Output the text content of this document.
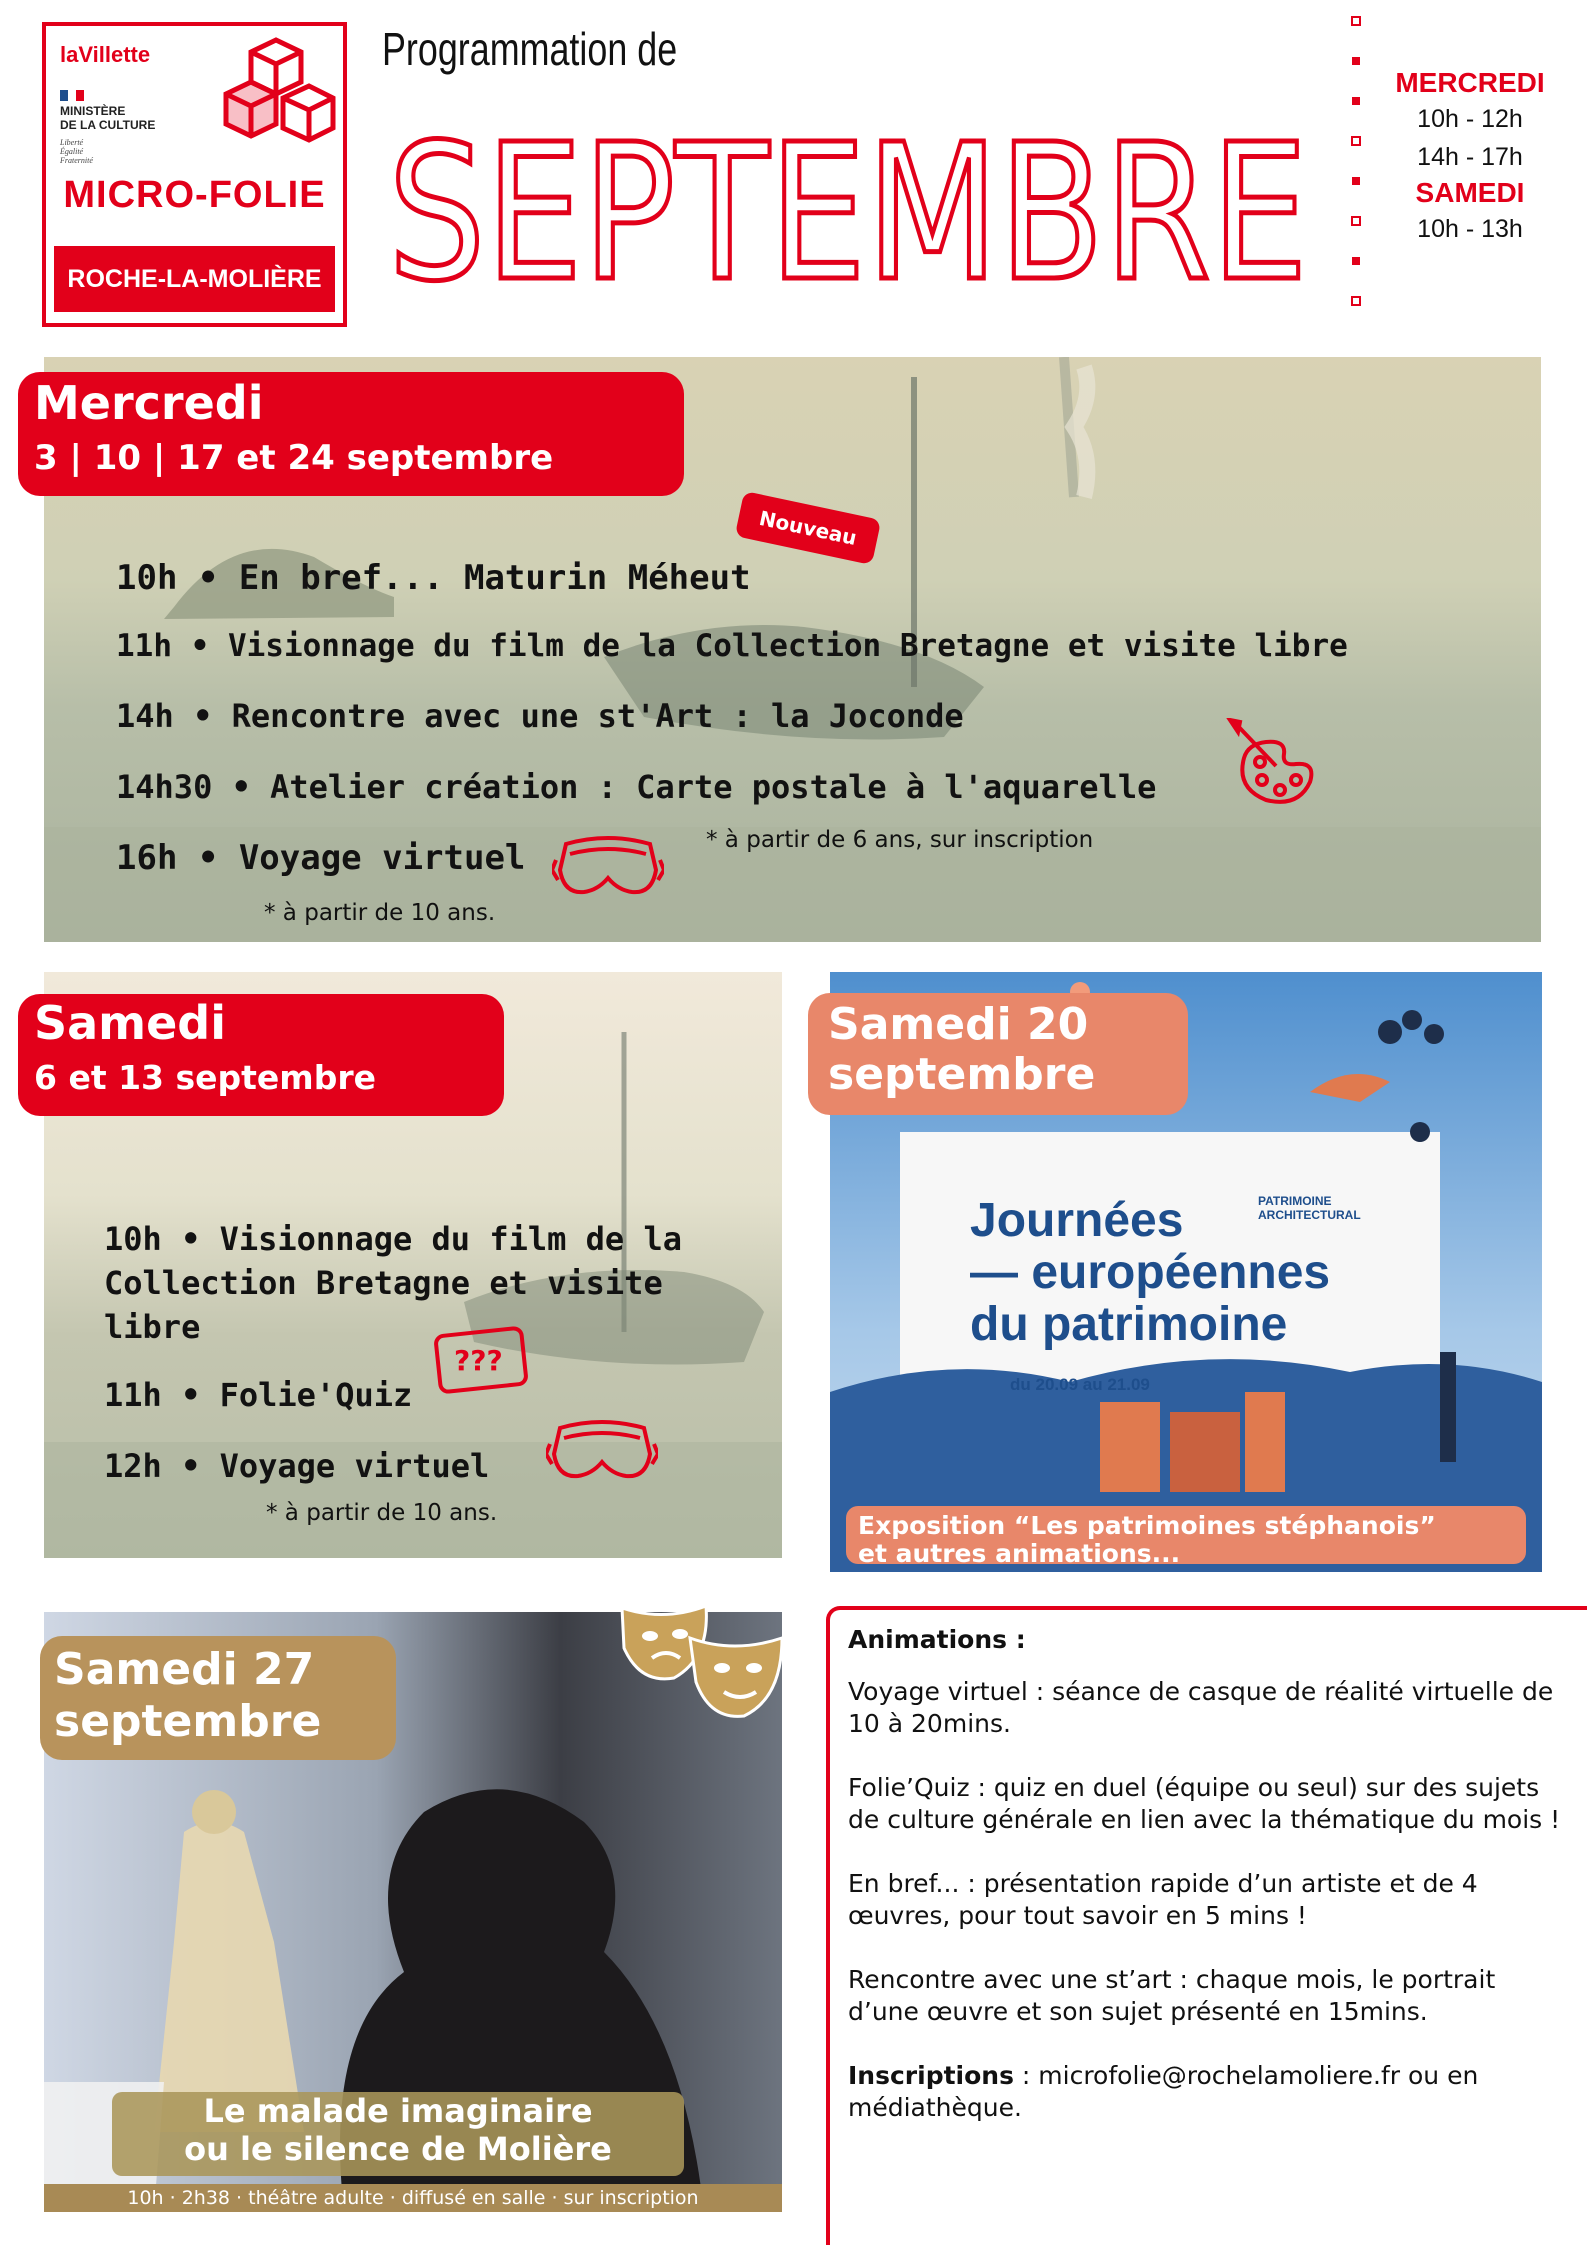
laVillette
MINISTÈRE
DE LA CULTURE
Liberté
Égalité
Fraternité
MICRO-FOLIE
ROCHE-LA-MOLIÈRE
Programmation de
SEPTEMBRE
MERCREDI
10h - 12h
14h - 17h
SAMEDI
10h - 13h
Mercredi
3 | 10 | 17 et 24 septembre
Nouveau
10h • En bref... Maturin Méheut
11h • Visionnage du film de la Collection Bretagne et visite libre
14h • Rencontre avec une st'Art : la Joconde
14h30 • Atelier création : Carte postale à l'aquarelle
* à partir de 6 ans, sur inscription
16h • Voyage virtuel
* à partir de 10 ans.
Samedi
6 et 13 septembre
10h • Visionnage du film de la
Collection Bretagne et visite
libre
11h • Folie'Quiz
12h • Voyage virtuel
* à partir de 10 ans.
???
PATRIMOINE
ARCHITECTURAL
Journées
— européennes
du patrimoine
du 20.09 au 21.09
Exposition “Les patrimoines stéphanois”
et autres animations...
Samedi 20
septembre
Samedi 27
septembre
Le malade imaginaire
ou le silence de Molière
10h · 2h38 · théâtre adulte · diffusé en salle · sur inscription

Animations :

Voyage virtuel : séance de casque de réalité virtuelle de 10 à 20mins.

Folie’Quiz : quiz en duel (équipe ou seul) sur des sujets de culture générale en lien avec la thématique du mois !

En bref... : présentation rapide d’un artiste et de 4 œuvres, pour tout savoir en 5 mins !

Rencontre avec une st’art : chaque mois, le portrait d’une œuvre et son sujet présenté en 15mins.

Inscriptions : microfolie@rochelamoliere.fr ou en médiathèque.
